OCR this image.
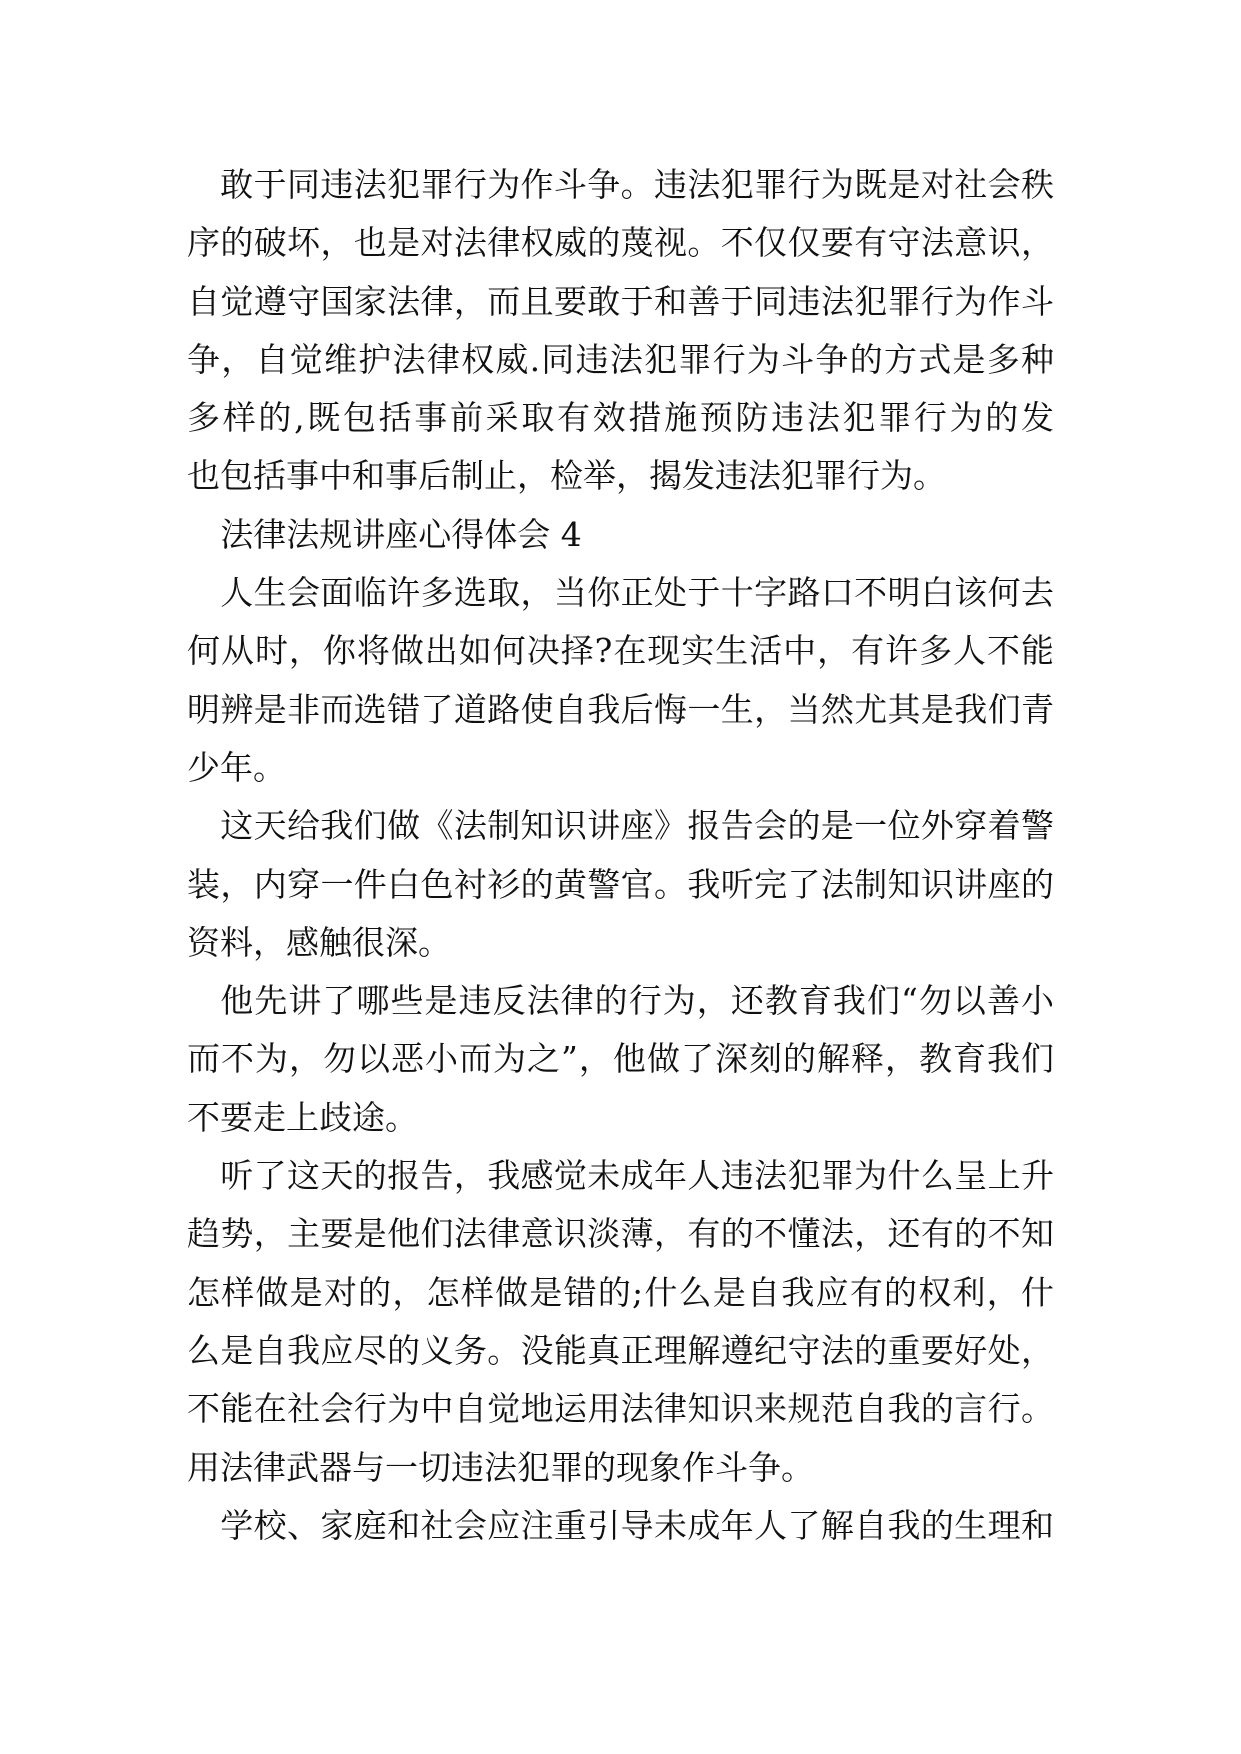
敢于同违法犯罪行为作斗争。违法犯罪行为既是对社会秩
序的破坏，也是对法律权威的蔑视。不仅仅要有守法意识，
自觉遵守国家法律，而且要敢于和善于同违法犯罪行为作斗
争，自觉维护法律权威.同违法犯罪行为斗争的方式是多种
多样的,既包括事前采取有效措施预防违法犯罪行为的发
也包括事中和事后制止，检举，揭发违法犯罪行为。
法律法规讲座心得体会 4
人生会面临许多选取，当你正处于十字路口不明白该何去
何从时，你将做出如何决择?在现实生活中，有许多人不能
明辨是非而选错了道路使自我后悔一生，当然尤其是我们青
少年。
这天给我们做《法制知识讲座》报告会的是一位外穿着警
装，内穿一件白色衬衫的黄警官。我听完了法制知识讲座的
资料，感触很深。
他先讲了哪些是违反法律的行为，还教育我们“勿以善小
而不为，勿以恶小而为之”，他做了深刻的解释，教育我们
不要走上歧途。
听了这天的报告，我感觉未成年人违法犯罪为什么呈上升
趋势，主要是他们法律意识淡薄，有的不懂法，还有的不知
怎样做是对的，怎样做是错的;什么是自我应有的权利，什
么是自我应尽的义务。没能真正理解遵纪守法的重要好处，
不能在社会行为中自觉地运用法律知识来规范自我的言行。
用法律武器与一切违法犯罪的现象作斗争。
学校、家庭和社会应注重引导未成年人了解自我的生理和
